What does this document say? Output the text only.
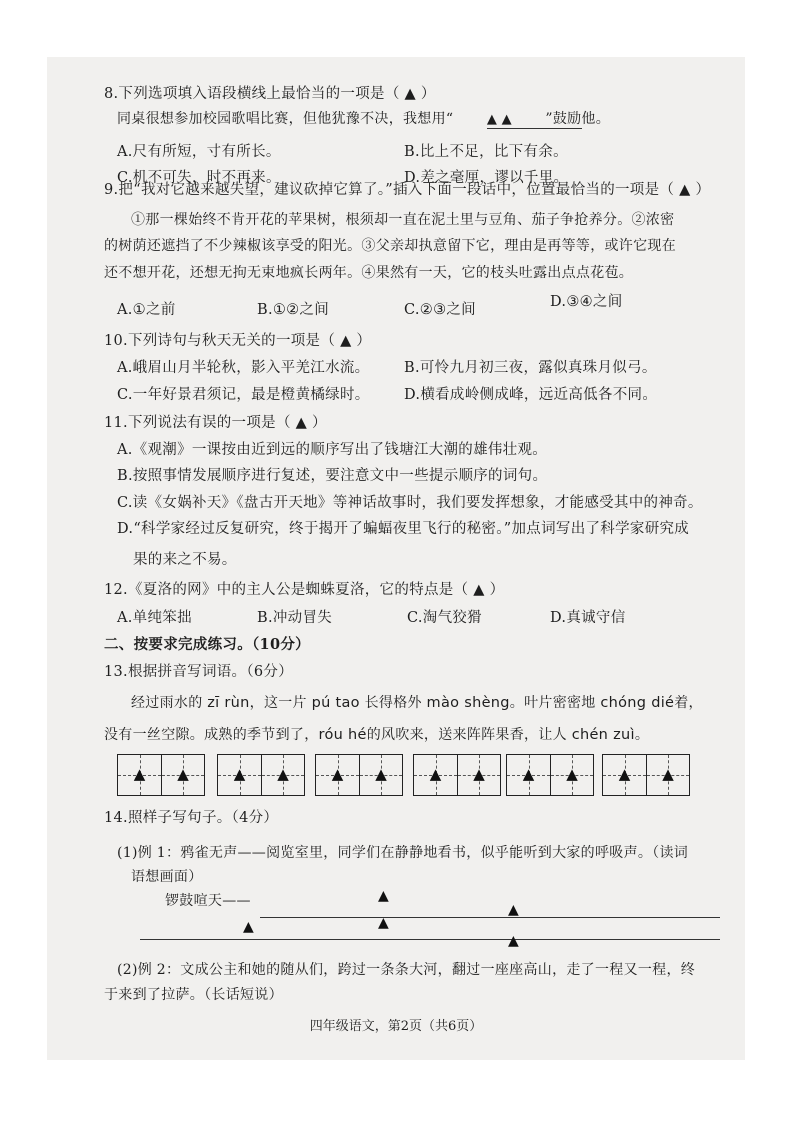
8.下列选项填入语段横线上最恰当的一项是（ ▲ ）
同桌很想参加校园歌唱比赛，但他犹豫不决，我想用“	▲ ▲ ”鼓励他。
A.尺有所短，寸有所长。	B.比上不足，比下有余。
C.机不可失，时不再来。	D.差之毫厘，谬以千里。
9.把“我对它越来越失望，建议砍掉它算了。”插入下面一段话中，位置最恰当的一项是（ ▲ ）
①那一棵始终不肯开花的苹果树，根须却一直在泥土里与豆角、茄子争抢养分。②浓密
的树荫还遮挡了不少辣椒该享受的阳光。③父亲却执意留下它，理由是再等等，或许它现在
还不想开花，还想无拘无束地疯长两年。④果然有一天，它的枝头吐露出点点花苞。
A.①之前	B.①②之间	C.②③之间	D.③④之间
10.下列诗句与秋天无关的一项是（ ▲ ）
A.峨眉山月半轮秋，影入平羌江水流。 B.可怜九月初三夜，露似真珠月似弓。
C.一年好景君须记，最是橙黄橘绿时。 D.横看成岭侧成峰，远近高低各不同。
11.下列说法有误的一项是（ ▲ ）
A.《观潮》一课按由近到远的顺序写出了钱塘江大潮的雄伟壮观。
B.按照事情发展顺序进行复述，要注意文中一些提示顺序的词句。
C.读《女娲补天》《盘古开天地》等神话故事时，我们要发挥想象，才能感受其中的神奇。
D.“科学家经过反复研究，终于揭开了蝙蝠夜里飞行的秘密。”加点词写出了科学家研究成
果的来之不易。
12.《夏洛的网》中的主人公是蜘蛛夏洛，它的特点是（ ▲ ）
A.单纯笨拙	B.冲动冒失	C.淘气狡猾	D.真诚守信
二、按要求完成练习。（10分）
13.根据拼音写词语。（6分）
经过雨水的 zī rùn，这一片 pú tao 长得格外 mào shèng。叶片密密地 chóng dié着，
没有一丝空隙。成熟的季节到了，róu hé的风吹来，送来阵阵果香，让人 chén zuì。
▲ ▲	▲ ▲	▲ ▲	▲ ▲	▲ ▲	▲ ▲
14.照样子写句子。（4分）
(1)例 1：鸦雀无声——阅览室里，同学们在静静地看书，似乎能听到大家的呼吸声。（读词
语想画面）
锣鼓喧天——	▲
▲
▲	▲
▲
(2)例 2：文成公主和她的随从们，跨过一条条大河，翻过一座座高山，走了一程又一程，终
于来到了拉萨。（长话短说）
四年级语文，第2页（共6页）
